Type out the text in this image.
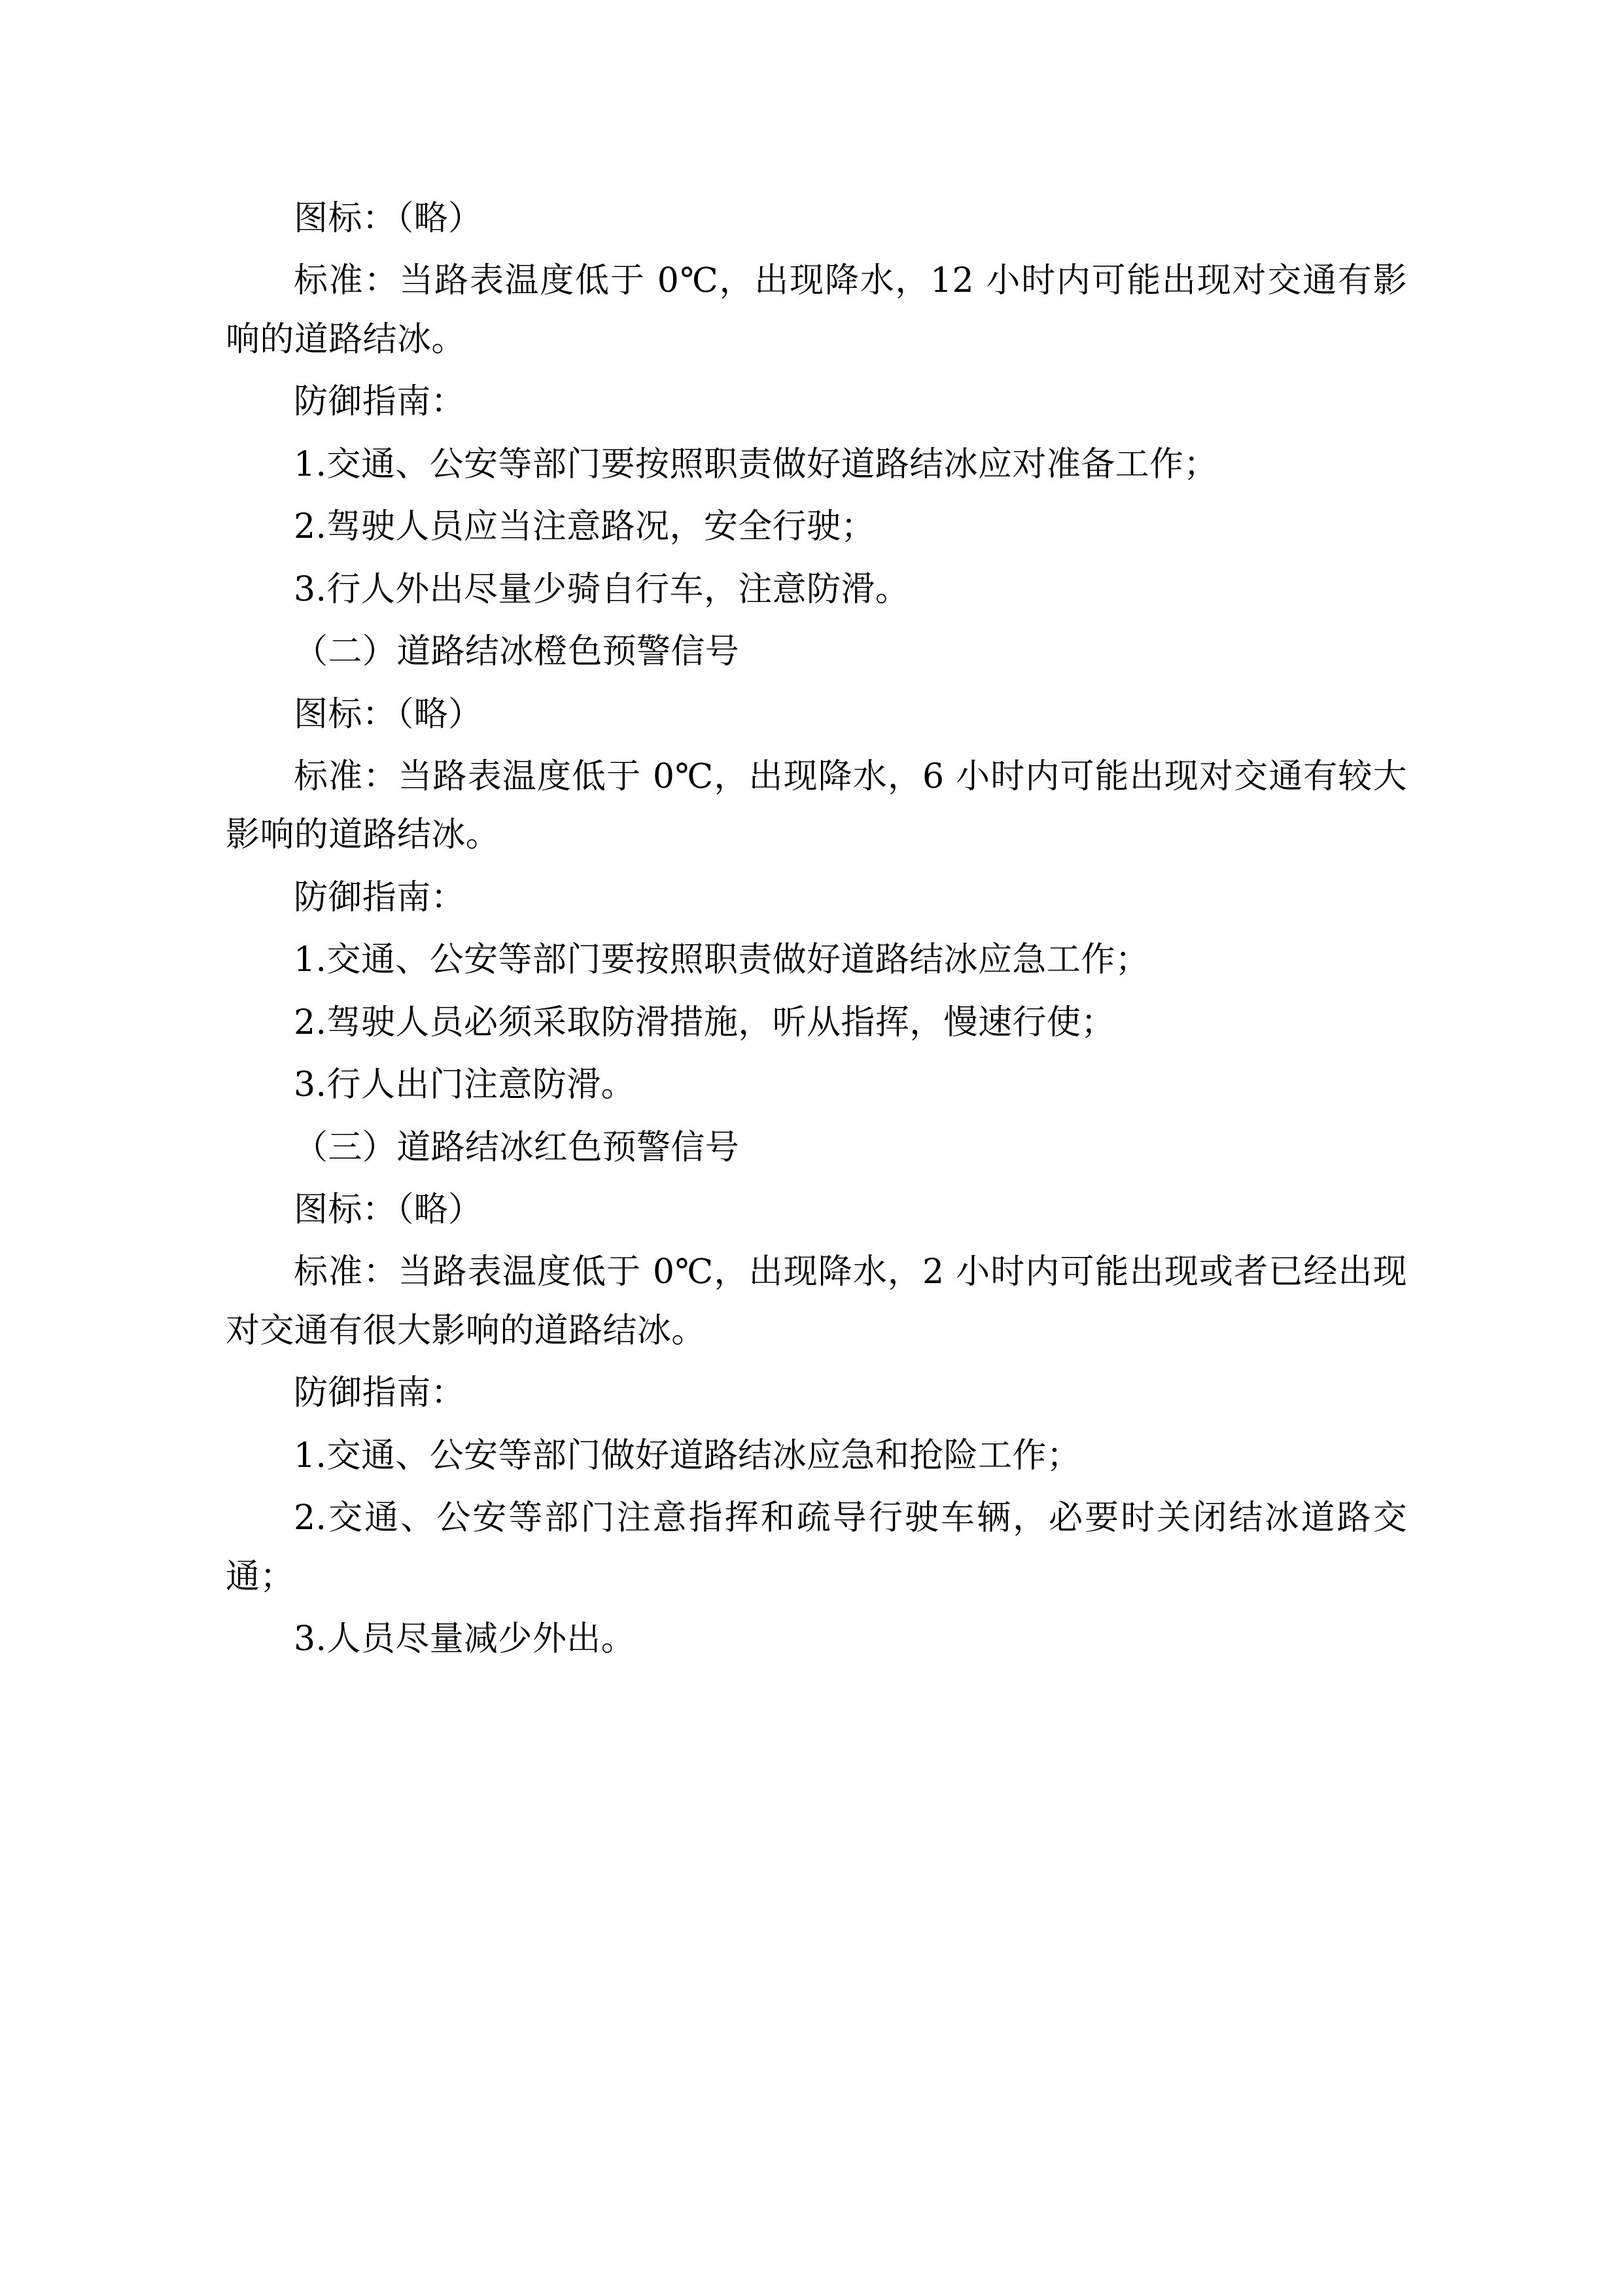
图标：（略）

标准：当路表温度低于 0℃，出现降水，12 小时内可能出现对交通有影响的道路结冰。

防御指南：

1.交通、公安等部门要按照职责做好道路结冰应对准备工作；

2.驾驶人员应当注意路况，安全行驶；

3.行人外出尽量少骑自行车，注意防滑。

（二）道路结冰橙色预警信号

图标：（略）

标准：当路表温度低于 0℃，出现降水，6 小时内可能出现对交通有较大影响的道路结冰。

防御指南：

1.交通、公安等部门要按照职责做好道路结冰应急工作；

2.驾驶人员必须采取防滑措施，听从指挥，慢速行使；

3.行人出门注意防滑。

（三）道路结冰红色预警信号

图标：（略）

标准：当路表温度低于 0℃，出现降水，2 小时内可能出现或者已经出现对交通有很大影响的道路结冰。

防御指南：

1.交通、公安等部门做好道路结冰应急和抢险工作；

2.交通、公安等部门注意指挥和疏导行驶车辆，必要时关闭结冰道路交通；

3.人员尽量减少外出。
